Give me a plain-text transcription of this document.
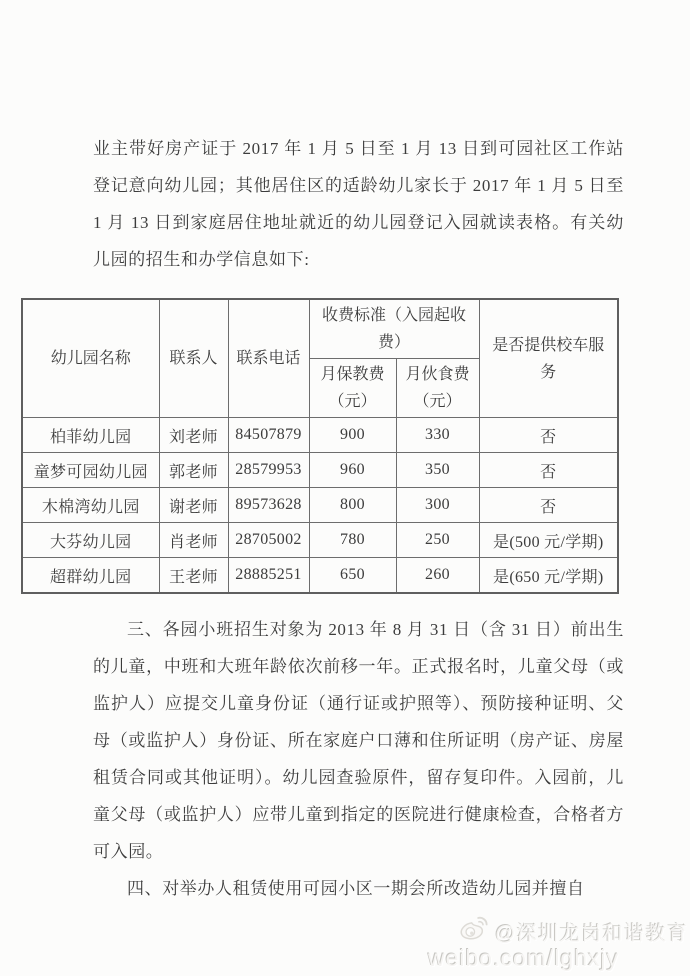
业主带好房产证于 2017 年 1 月 5 日至 1 月 13 日到可园社区工作站登记意向幼儿园；其他居住区的适龄幼儿家长于 2017 年 1 月 5 日至 1 月 13 日到家庭居住地址就近的幼儿园登记入园就读表格。有关幼儿园的招生和办学信息如下:

幼儿园名称	联系人	联系电话	收费标准（入园起收费）		是否提供校车服务
			月保教费（元）	月伙食费（元）	
柏菲幼儿园	刘老师	84507879	900	330	否
童梦可园幼儿园	郭老师	28579953	960	350	否
木棉湾幼儿园	谢老师	89573628	800	300	否
大芬幼儿园	肖老师	28705002	780	250	是(500 元/学期)
超群幼儿园	王老师	28885251	650	260	是(650 元/学期)

三、各园小班招生对象为 2013 年 8 月 31 日（含 31 日）前出生的儿童，中班和大班年龄依次前移一年。正式报名时，儿童父母（或监护人）应提交儿童身份证（通行证或护照等）、预防接种证明、父母（或监护人）身份证、所在家庭户口薄和住所证明（房产证、房屋租赁合同或其他证明）。幼儿园查验原件，留存复印件。入园前，儿童父母（或监护人）应带儿童到指定的医院进行健康检查，合格者方可入园。

四、对举办人租赁使用可园小区一期会所改造幼儿园并擅自

@深圳龙岗和谐教育
weibo.com/lghxjy
